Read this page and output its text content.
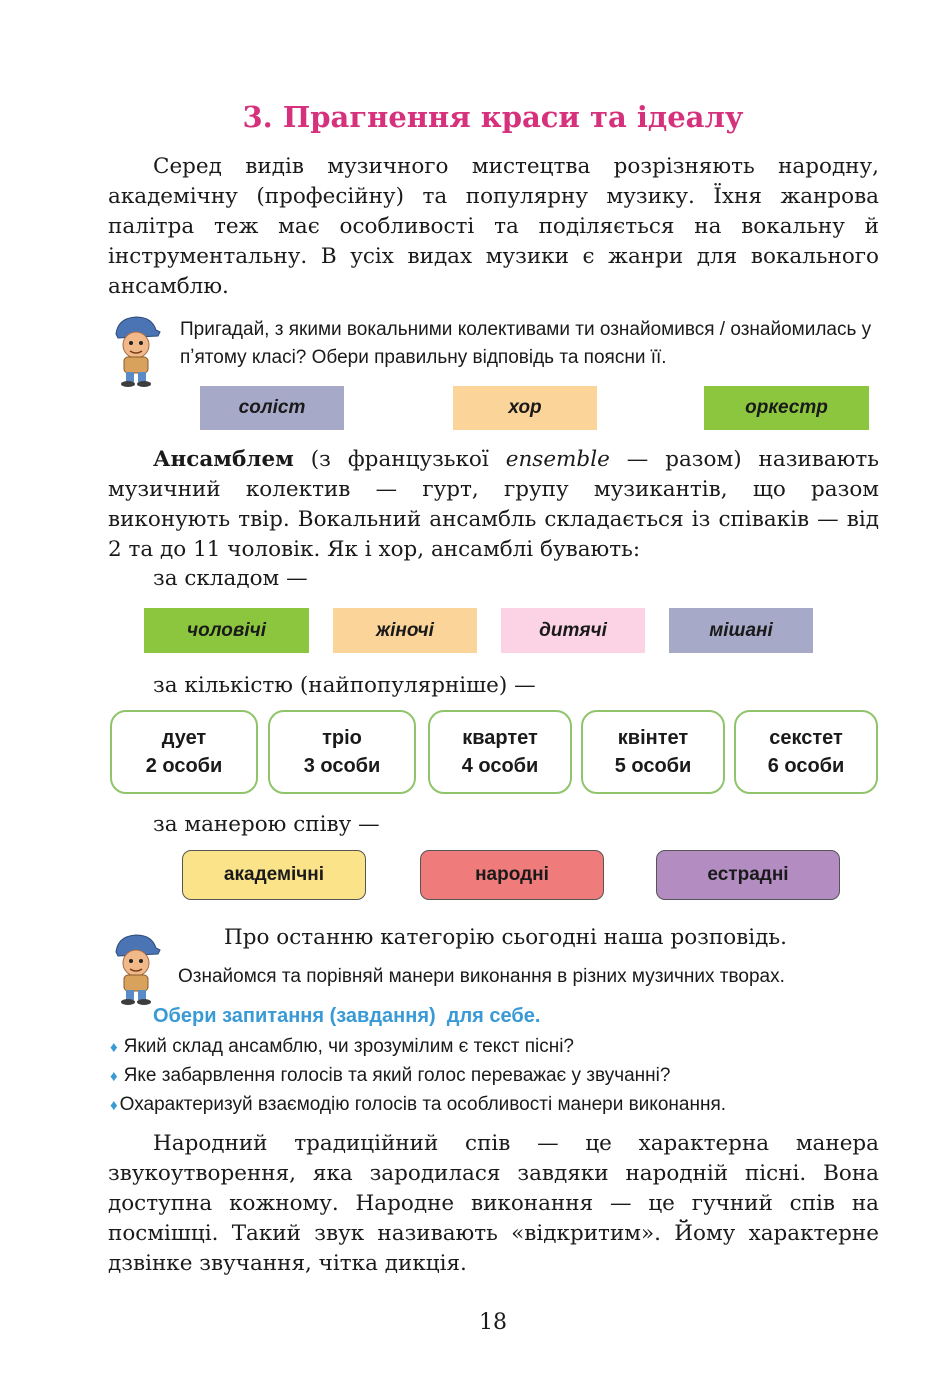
3. Прагнення краси та ідеалу

Серед видів музичного мистецтва розрізняють народну, академічну (професійну) та популярну музику. Їхня жанрова палітра теж має особливості та поділяється на вокальну й інструментальну. В усіх видах музики є жанри для вокального ансамблю.

Пригадай, з якими вокальними колективами ти ознайомився / ознайомилась у пʼятому класі? Обери правильну відповідь та поясни її.
соліст	хор	оркестр

Ансамблем (з французької ensemble — разом) називають музичний колектив — гурт, групу музикантів, що разом виконують твір. Вокальний ансамбль складається із співаків — від 2 та до 11 чоловік. Як і хор, ансамблі бувають:

за складом —
чоловічі	жіночі	дитячі	мішані
за кількістю (найпопулярніше) —
дует
2 особи
тріо
3 особи
квартет
4 особи
квінтет
5 особи
секстет
6 особи
за манерою співу —
академічні	народні	естрадні
Про останню категорію сьогодні наша розповідь.
Ознайомся та порівняй манери виконання в різних музичних творах.
Обери запитання (завдання)  для себе.
♦ Який склад ансамблю, чи зрозумілим є текст пісні?
♦ Яке забарвлення голосів та який голос переважає у звучанні?
♦ Охарактеризуй взаємодію голосів та особливості манери виконання.

Народний традиційний спів — це характерна манера звукоутворення, яка зародилася завдяки народній пісні. Вона доступна кожному. Народне виконання — це гучний спів на посмішці. Такий звук називають «відкритим». Йому характерне дзвінке звучання, чітка дикція.

18
